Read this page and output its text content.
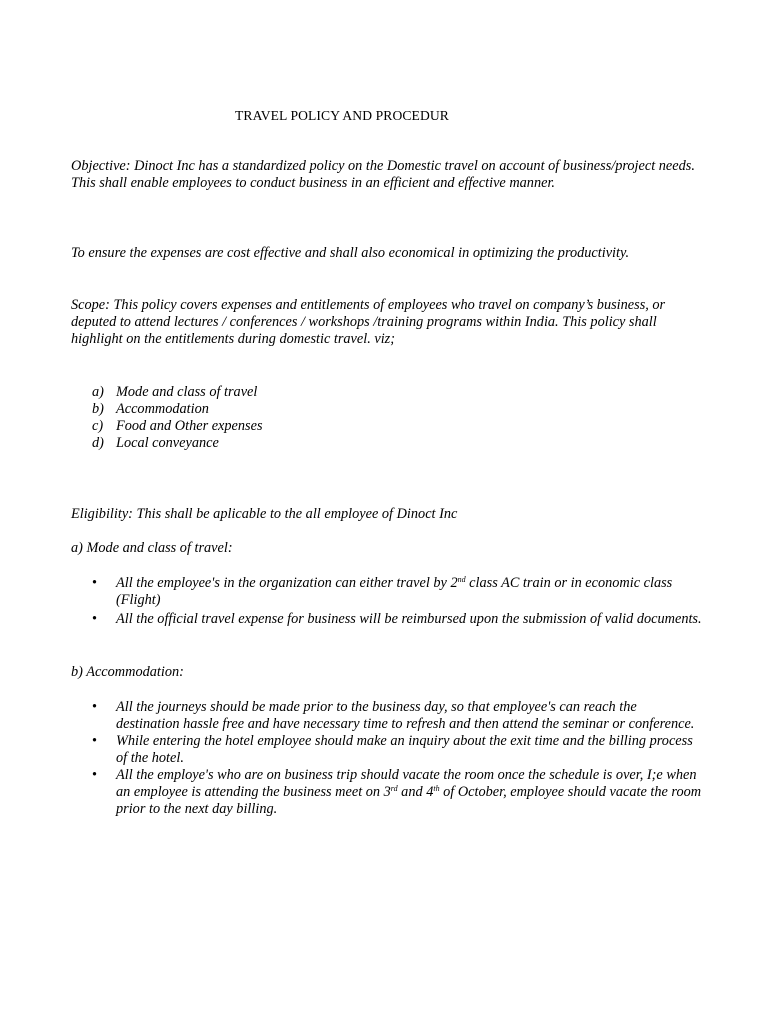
TRAVEL POLICY AND PROCEDUR
Objective: Dinoct Inc has a standardized policy on the Domestic travel on account of business/project needs. This shall enable employees to conduct business in an efficient and effective manner.
To ensure the expenses are cost effective and shall also economical in optimizing the productivity.
Scope: This policy covers expenses and entitlements of employees who travel on company’s business, or deputed to attend lectures / conferences / workshops /training programs within India. This policy shall highlight on the entitlements during domestic travel. viz;
a) Mode and class of travel
b) Accommodation
c) Food and Other expenses
d) Local conveyance
Eligibility: This shall be aplicable to the all employee of Dinoct Inc
a) Mode and class of travel:
•	All the employee's in the organization can either travel by 2nd class AC train or in economic class (Flight)
•	All the official travel expense for business will be reimbursed upon the submission of valid documents.
b) Accommodation:
•	All the journeys should be made prior to the business day, so that employee's can reach the destination hassle free and have necessary time to refresh and then attend the seminar or conference.
•	While entering the hotel employee should make an inquiry about the exit time and the billing process of the hotel.
•	All the employe's who are on business trip should vacate the room once the schedule is over, I;e when an employee is attending the business meet on 3rd and 4th of October, employee should vacate the room prior to the next day billing.
